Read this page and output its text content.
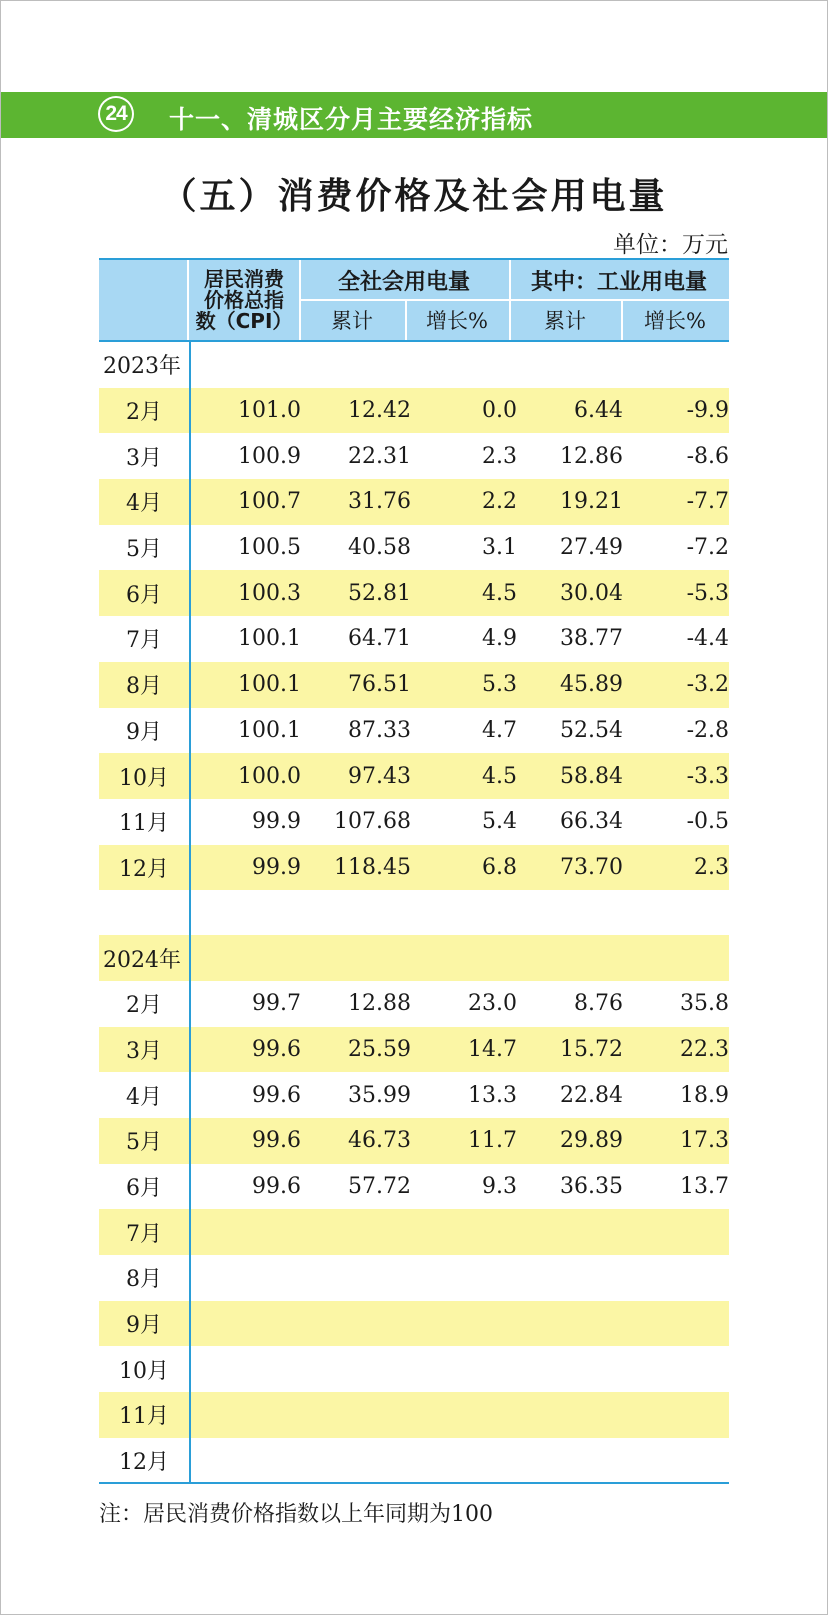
24 十一、清城区分月主要经济指标
（五）消费价格及社会用电量
单位：万元
居民消费
价格总指
数（CPI）
全社会用电量	其中：工业用电量
累计	增长%	累计	增长%
2023年
2月	101.0	12.42	0.0	6.44	-9.9
3月	100.9	22.31	2.3	12.86	-8.6
4月	100.7	31.76	2.2	19.21	-7.7
5月	100.5	40.58	3.1	27.49	-7.2
6月	100.3	52.81	4.5	30.04	-5.3
7月	100.1	64.71	4.9	38.77	-4.4
8月	100.1	76.51	5.3	45.89	-3.2
9月	100.1	87.33	4.7	52.54	-2.8
10月	100.0	97.43	4.5	58.84	-3.3
11月	99.9	107.68	5.4	66.34	-0.5
12月	99.9	118.45	6.8	73.70	2.3
2024年
2月	99.7	12.88	23.0	8.76	35.8
3月	99.6	25.59	14.7	15.72	22.3
4月	99.6	35.99	13.3	22.84	18.9
5月	99.6	46.73	11.7	29.89	17.3
6月	99.6	57.72	9.3	36.35	13.7
7月
8月
9月
10月
11月
12月
注：居民消费价格指数以上年同期为100
